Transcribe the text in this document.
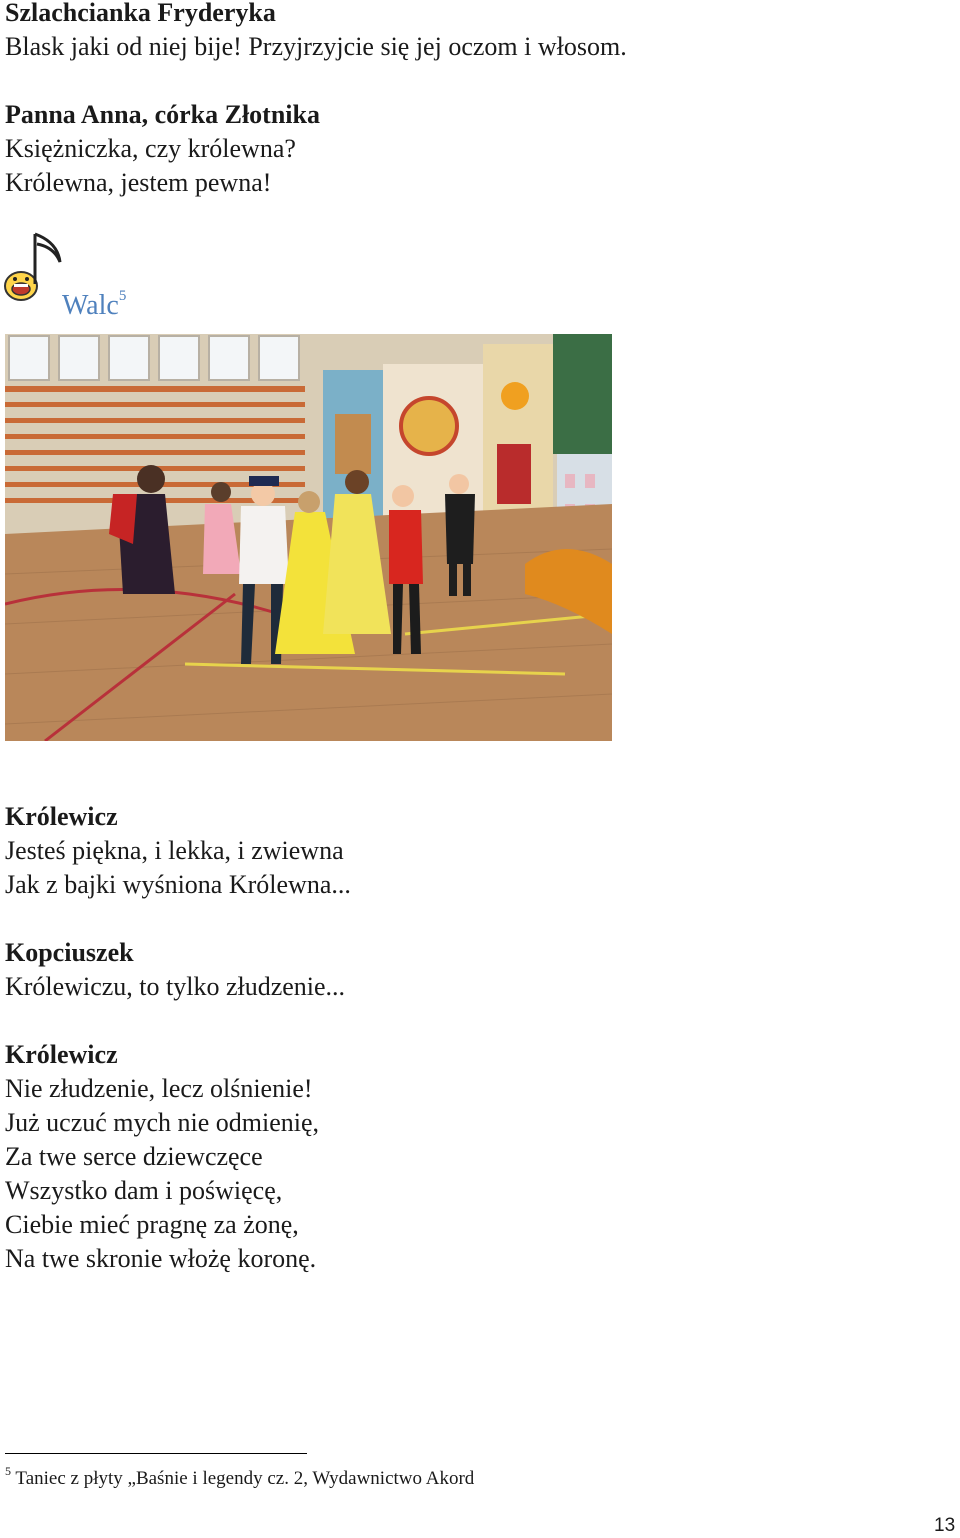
Szlachcianka Fryderyka
Blask jaki od niej bije! Przyjrzyjcie się jej oczom i włosom.
Panna Anna, córka Złotnika
Księżniczka, czy królewna?
Królewna, jestem pewna!
Walc$^5$
Królewicz
Jesteś piękna, i lekka, i zwiewna
Jak z bajki wyśniona Królewna...
Kopciuszek
Królewiczu, to tylko złudzenie...
Królewicz
Nie złudzenie, lecz olśnienie!
Już uczuć mych nie odmienię,
Za twe serce dziewczęce
Wszystko dam i poświęcę,
Ciebie mieć pragnę za żonę,
Na twe skronie włożę koronę.
$^5$ Taniec z płyty „Baśnie i legendy cz. 2, Wydawnictwo Akord
13
